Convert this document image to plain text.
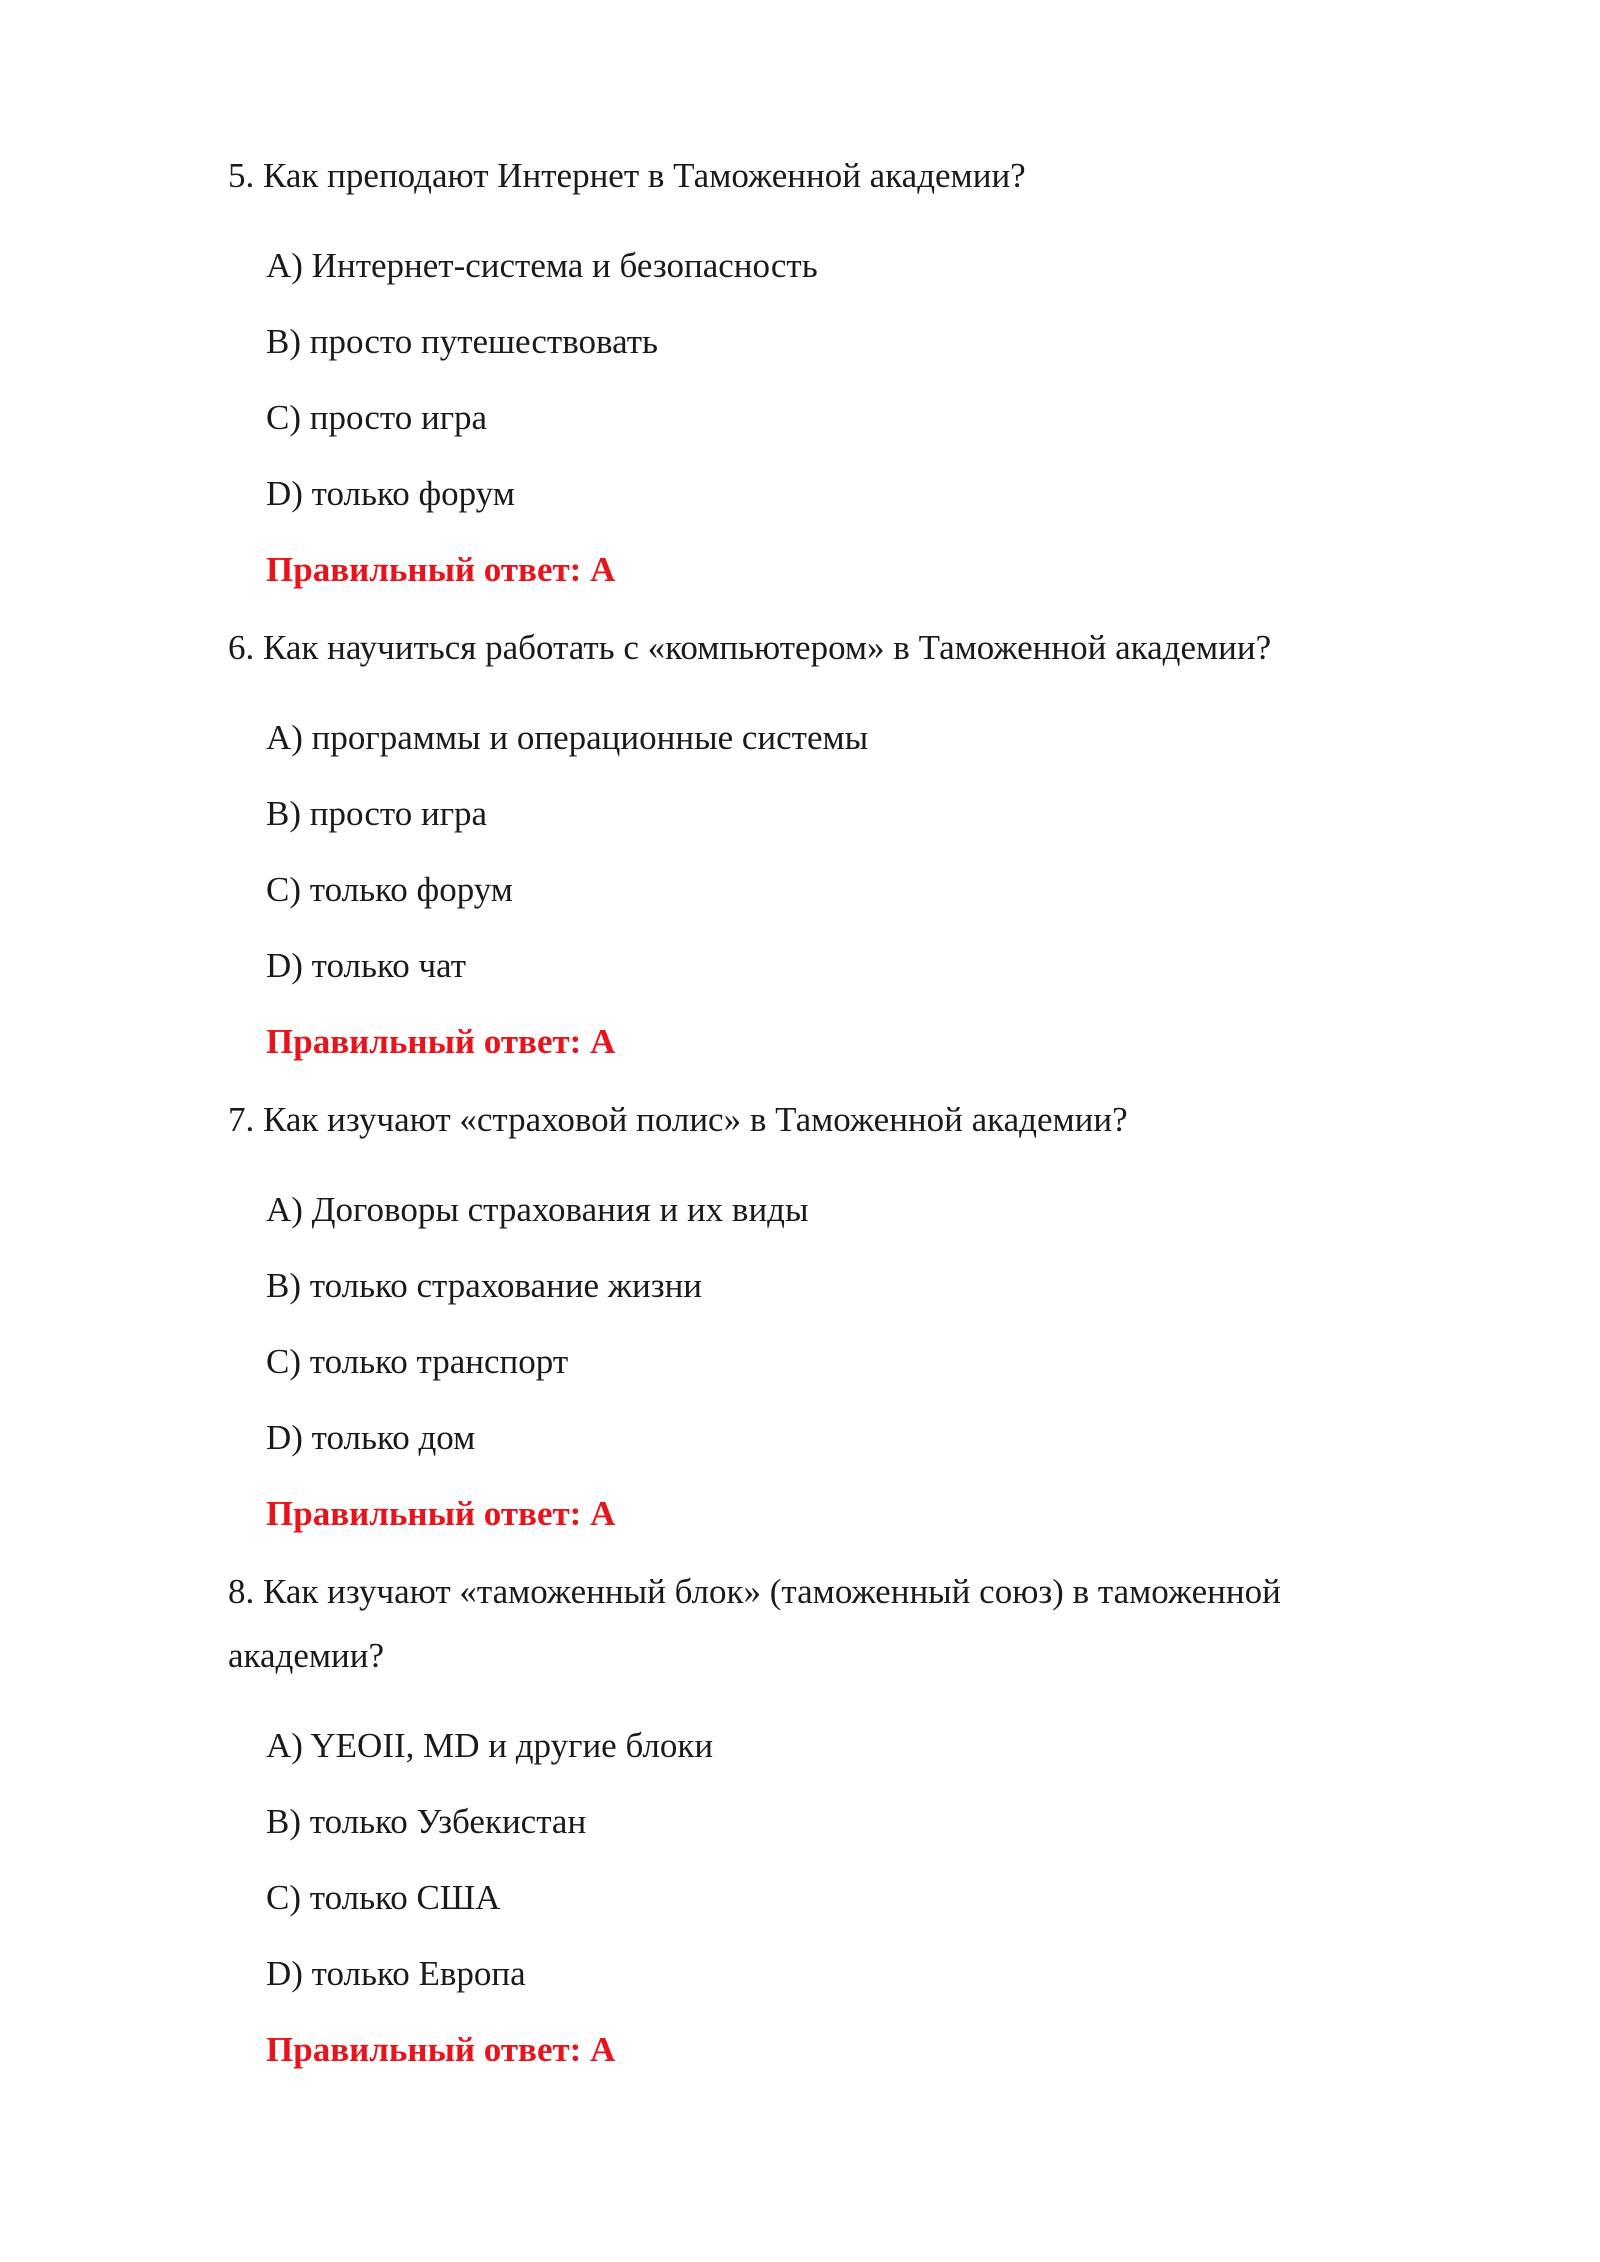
5. Как преподают Интернет в Таможенной академии?

A) Интернет-система и безопасность
B) просто путешествовать
C) просто игра
D) только форум
Правильный ответ: A

6. Как научиться работать с «компьютером» в Таможенной академии?

A) программы и операционные системы
B) просто игра
C) только форум
D) только чат
Правильный ответ: A

7. Как изучают «страховой полис» в Таможенной академии?

A) Договоры страхования и их виды
B) только страхование жизни
C) только транспорт
D) только дом
Правильный ответ: A

8. Как изучают «таможенный блок» (таможенный союз) в таможенной академии?

A) YEOII, MD и другие блоки
B) только Узбекистан
C) только США
D) только Европа
Правильный ответ: A
